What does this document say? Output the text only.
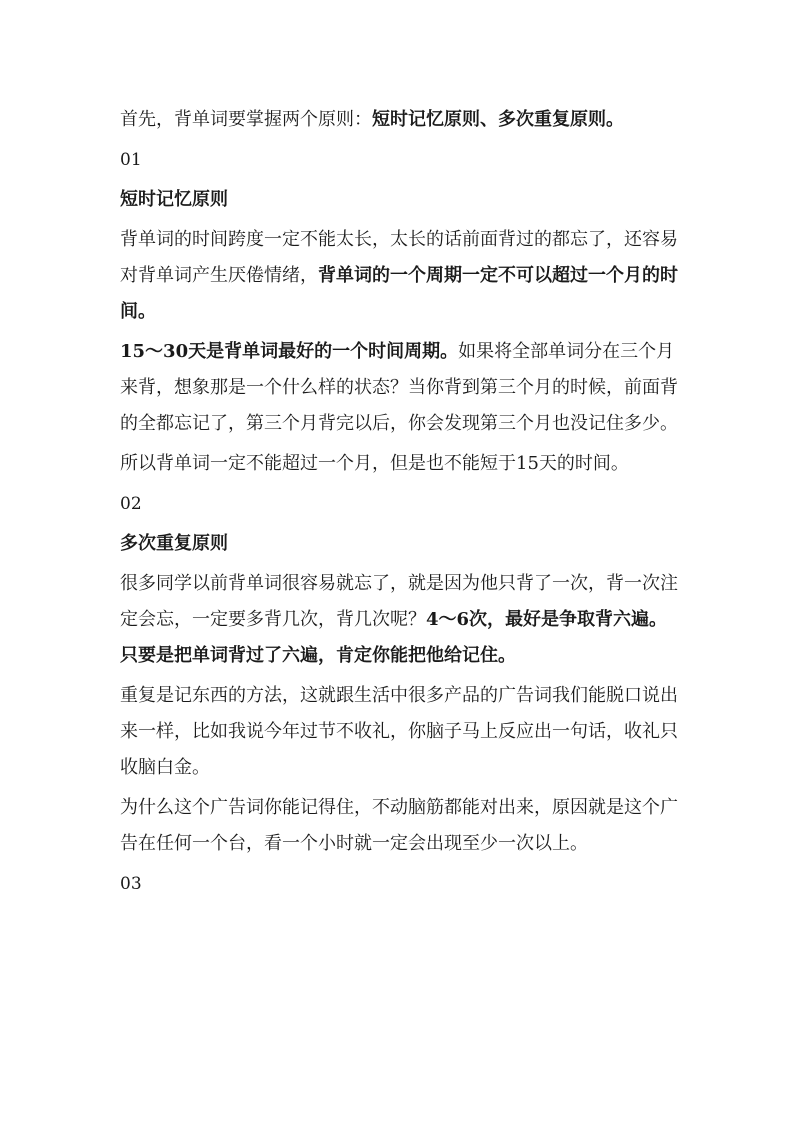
首先，背单词要掌握两个原则：短时记忆原则、多次重复原则。

01

短时记忆原则

背单词的时间跨度一定不能太长，太长的话前面背过的都忘了，还容易对背单词产生厌倦情绪，背单词的一个周期一定不可以超过一个月的时间。

15～30天是背单词最好的一个时间周期。如果将全部单词分在三个月来背，想象那是一个什么样的状态？当你背到第三个月的时候，前面背的全都忘记了，第三个月背完以后，你会发现第三个月也没记住多少。

所以背单词一定不能超过一个月，但是也不能短于15天的时间。

02

多次重复原则

很多同学以前背单词很容易就忘了，就是因为他只背了一次，背一次注定会忘，一定要多背几次，背几次呢？4～6次，最好是争取背六遍。只要是把单词背过了六遍，肯定你能把他给记住。

重复是记东西的方法，这就跟生活中很多产品的广告词我们能脱口说出来一样，比如我说今年过节不收礼，你脑子马上反应出一句话，收礼只收脑白金。

为什么这个广告词你能记得住，不动脑筋都能对出来，原因就是这个广告在任何一个台，看一个小时就一定会出现至少一次以上。

03
